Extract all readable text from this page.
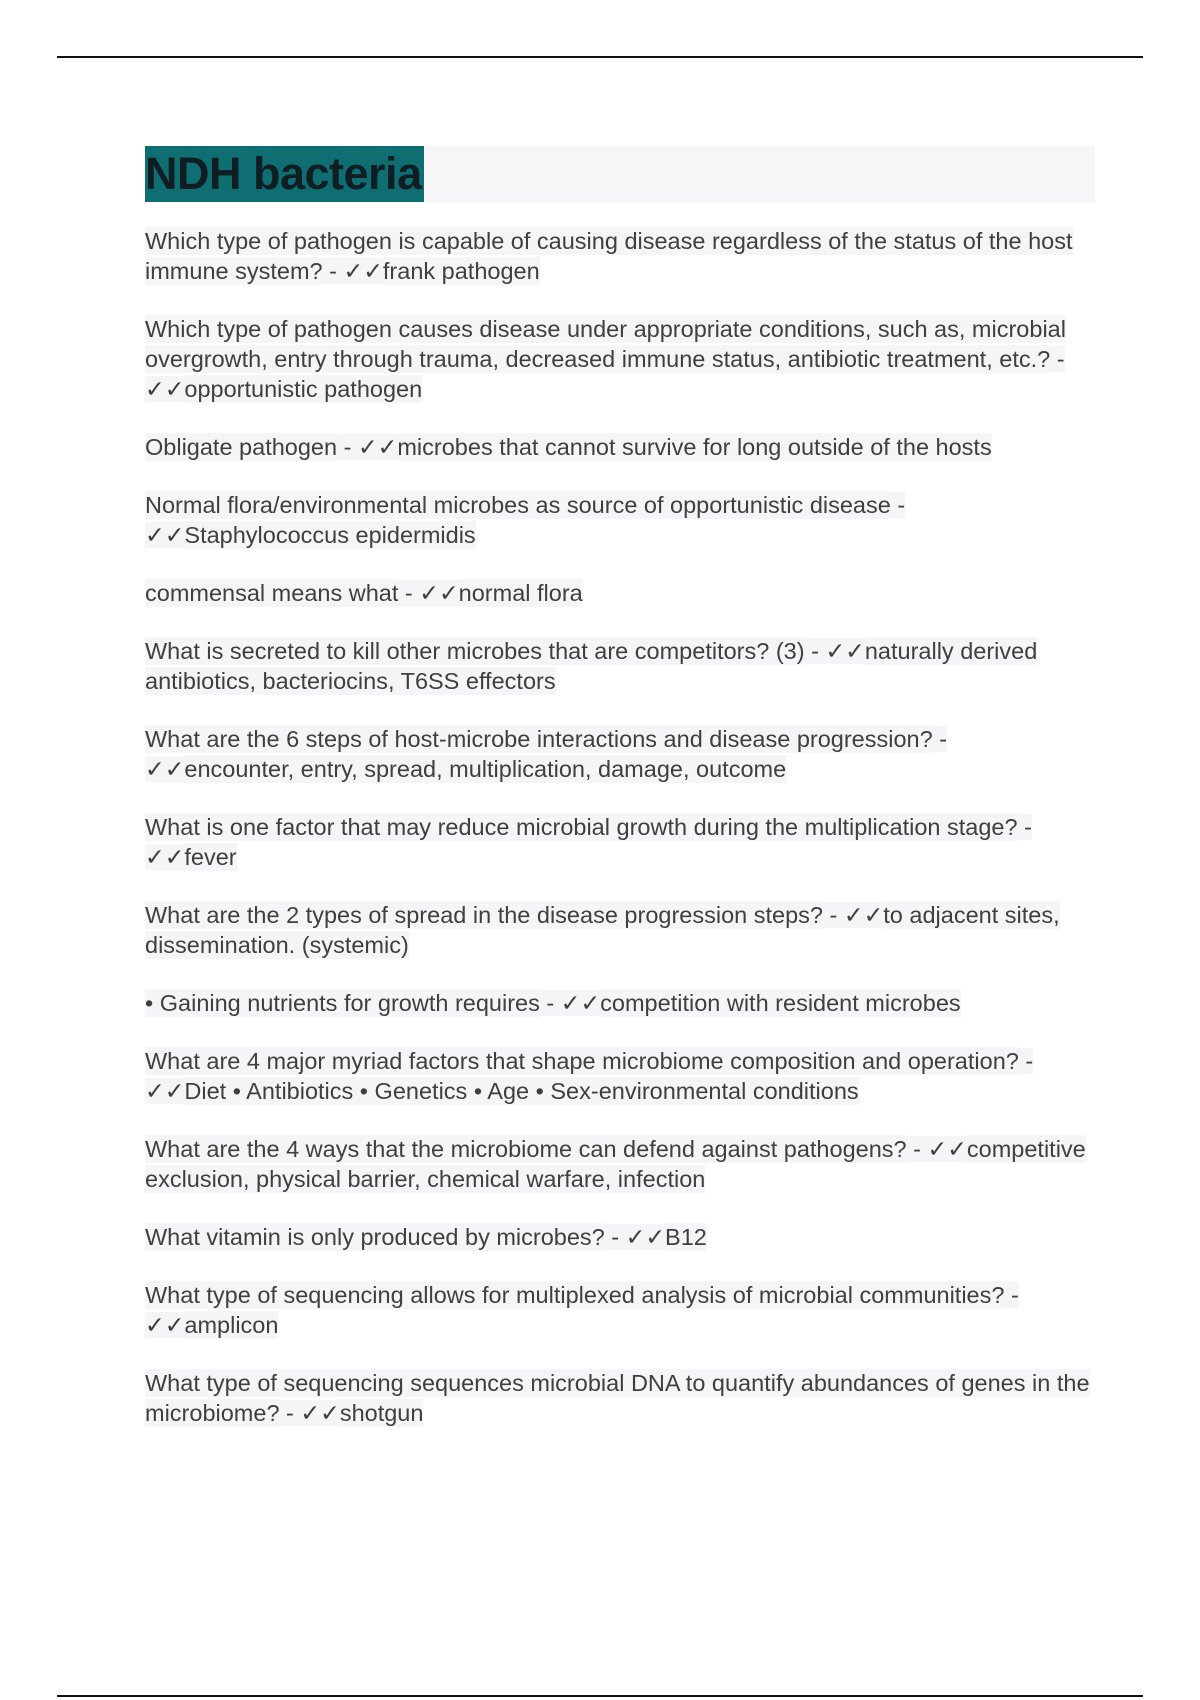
NDH bacteria
Which type of pathogen is capable of causing disease regardless of the status of the host immune system? - ✓✓frank pathogen
Which type of pathogen causes disease under appropriate conditions, such as, microbial overgrowth, entry through trauma, decreased immune status, antibiotic treatment, etc.? - ✓✓opportunistic pathogen
Obligate pathogen - ✓✓microbes that cannot survive for long outside of the hosts
Normal flora/environmental microbes as source of opportunistic disease - ✓✓Staphylococcus epidermidis
commensal means what - ✓✓normal flora
What is secreted to kill other microbes that are competitors? (3) - ✓✓naturally derived antibiotics, bacteriocins, T6SS effectors
What are the 6 steps of host-microbe interactions and disease progression? - ✓✓encounter, entry, spread, multiplication, damage, outcome
What is one factor that may reduce microbial growth during the multiplication stage? - ✓✓fever
What are the 2 types of spread in the disease progression steps? - ✓✓to adjacent sites, dissemination. (systemic)
• Gaining nutrients for growth requires - ✓✓competition with resident microbes
What are 4 major myriad factors that shape microbiome composition and operation? - ✓✓Diet • Antibiotics • Genetics • Age • Sex-environmental conditions
What are the 4 ways that the microbiome can defend against pathogens? - ✓✓competitive exclusion, physical barrier, chemical warfare, infection
What vitamin is only produced by microbes? - ✓✓B12
What type of sequencing allows for multiplexed analysis of microbial communities? - ✓✓amplicon
What type of sequencing sequences microbial DNA to quantify abundances of genes in the microbiome? - ✓✓shotgun
